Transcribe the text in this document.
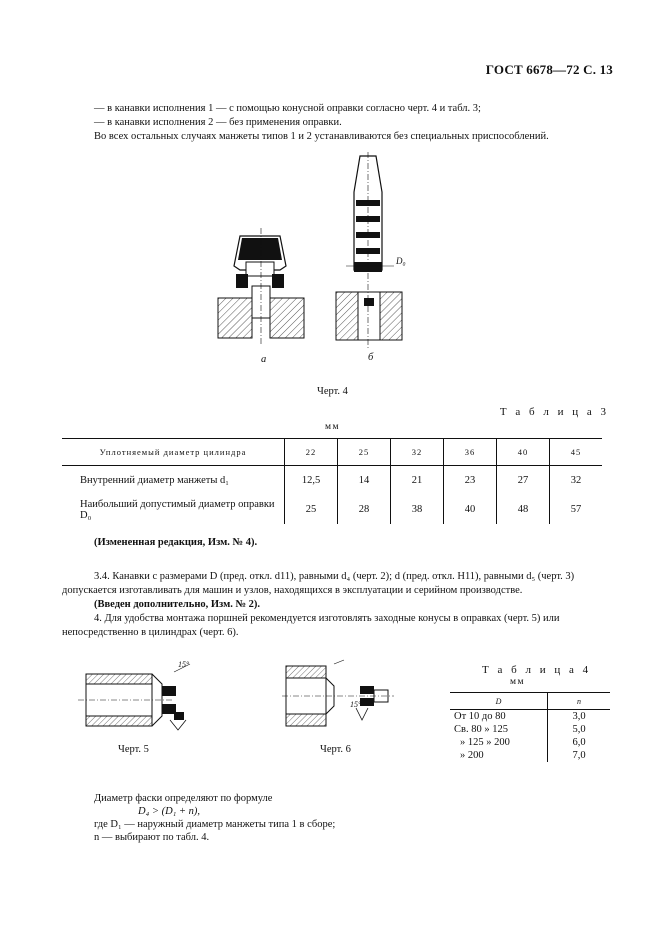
ГОСТ 6678—72 С. 13
— в канавки исполнения 1 — с помощью конусной оправки согласно черт. 4 и табл. 3;
— в канавки исполнения 2 — без применения оправки.
Во всех остальных случаях манжеты типов 1 и 2 устанавливаются без специальных приспособлений.
а
D₀
б
Черт. 4
Т а б л и ц а 3
мм
Уплотняемый диаметр цилиндра	22	25	32	36	40	45
Внутренний диаметр манжеты d₁	12,5	14	21	23	27	32
Наибольший допустимый диаметр оправки D₀	25	28	38	40	48	57
(Измененная редакция, Изм. № 4).
3.4. Канавки с размерами D (пред. откл. d11), равными d₄ (черт. 2); d (пред. откл. H11), равными d₅ (черт. 3)
допускается изготавливать для машин и узлов, находящихся в эксплуатации и серийном производстве.
(Введен дополнительно, Изм. № 2).
4. Для удобства монтажа поршней рекомендуется изготовлять заходные конусы в оправках (черт. 5) или
непосредственно в цилиндрах (черт. 6).
15°
Черт. 5
15°
Черт. 6
Т а б л и ц а 4
мм
D	n
От 10 до 80	3,0
Св. 80 » 125	5,0
» 125 » 200	6,0
» 200	7,0
Диаметр фаски определяют по формуле
D₄ > (D₁ + n),
где D₁ — наружный диаметр манжеты типа 1 в сборе;
n — выбирают по табл. 4.
